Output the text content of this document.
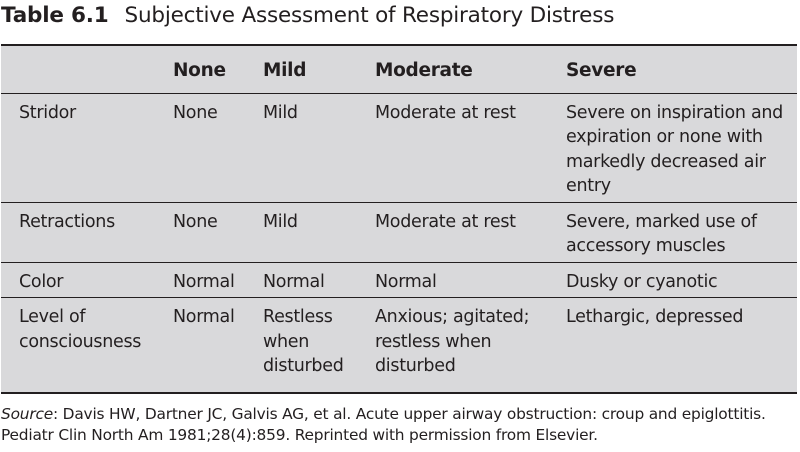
Table 6.1 Subjective Assessment of Respiratory Distress
	None	Mild	Moderate	Severe
Stridor	None	Mild	Moderate at rest	Severe on inspiration and expiration or none with markedly decreased air entry
Retractions	None	Mild	Moderate at rest	Severe, marked use of accessory muscles
Color	Normal	Normal	Normal	Dusky or cyanotic
Level of consciousness	Normal	Restless when disturbed	Anxious; agitated; restless when disturbed	Lethargic, depressed
Source: Davis HW, Dartner JC, Galvis AG, et al. Acute upper airway obstruction: croup and epiglottitis. Pediatr Clin North Am 1981;28(4):859. Reprinted with permission from Elsevier.
